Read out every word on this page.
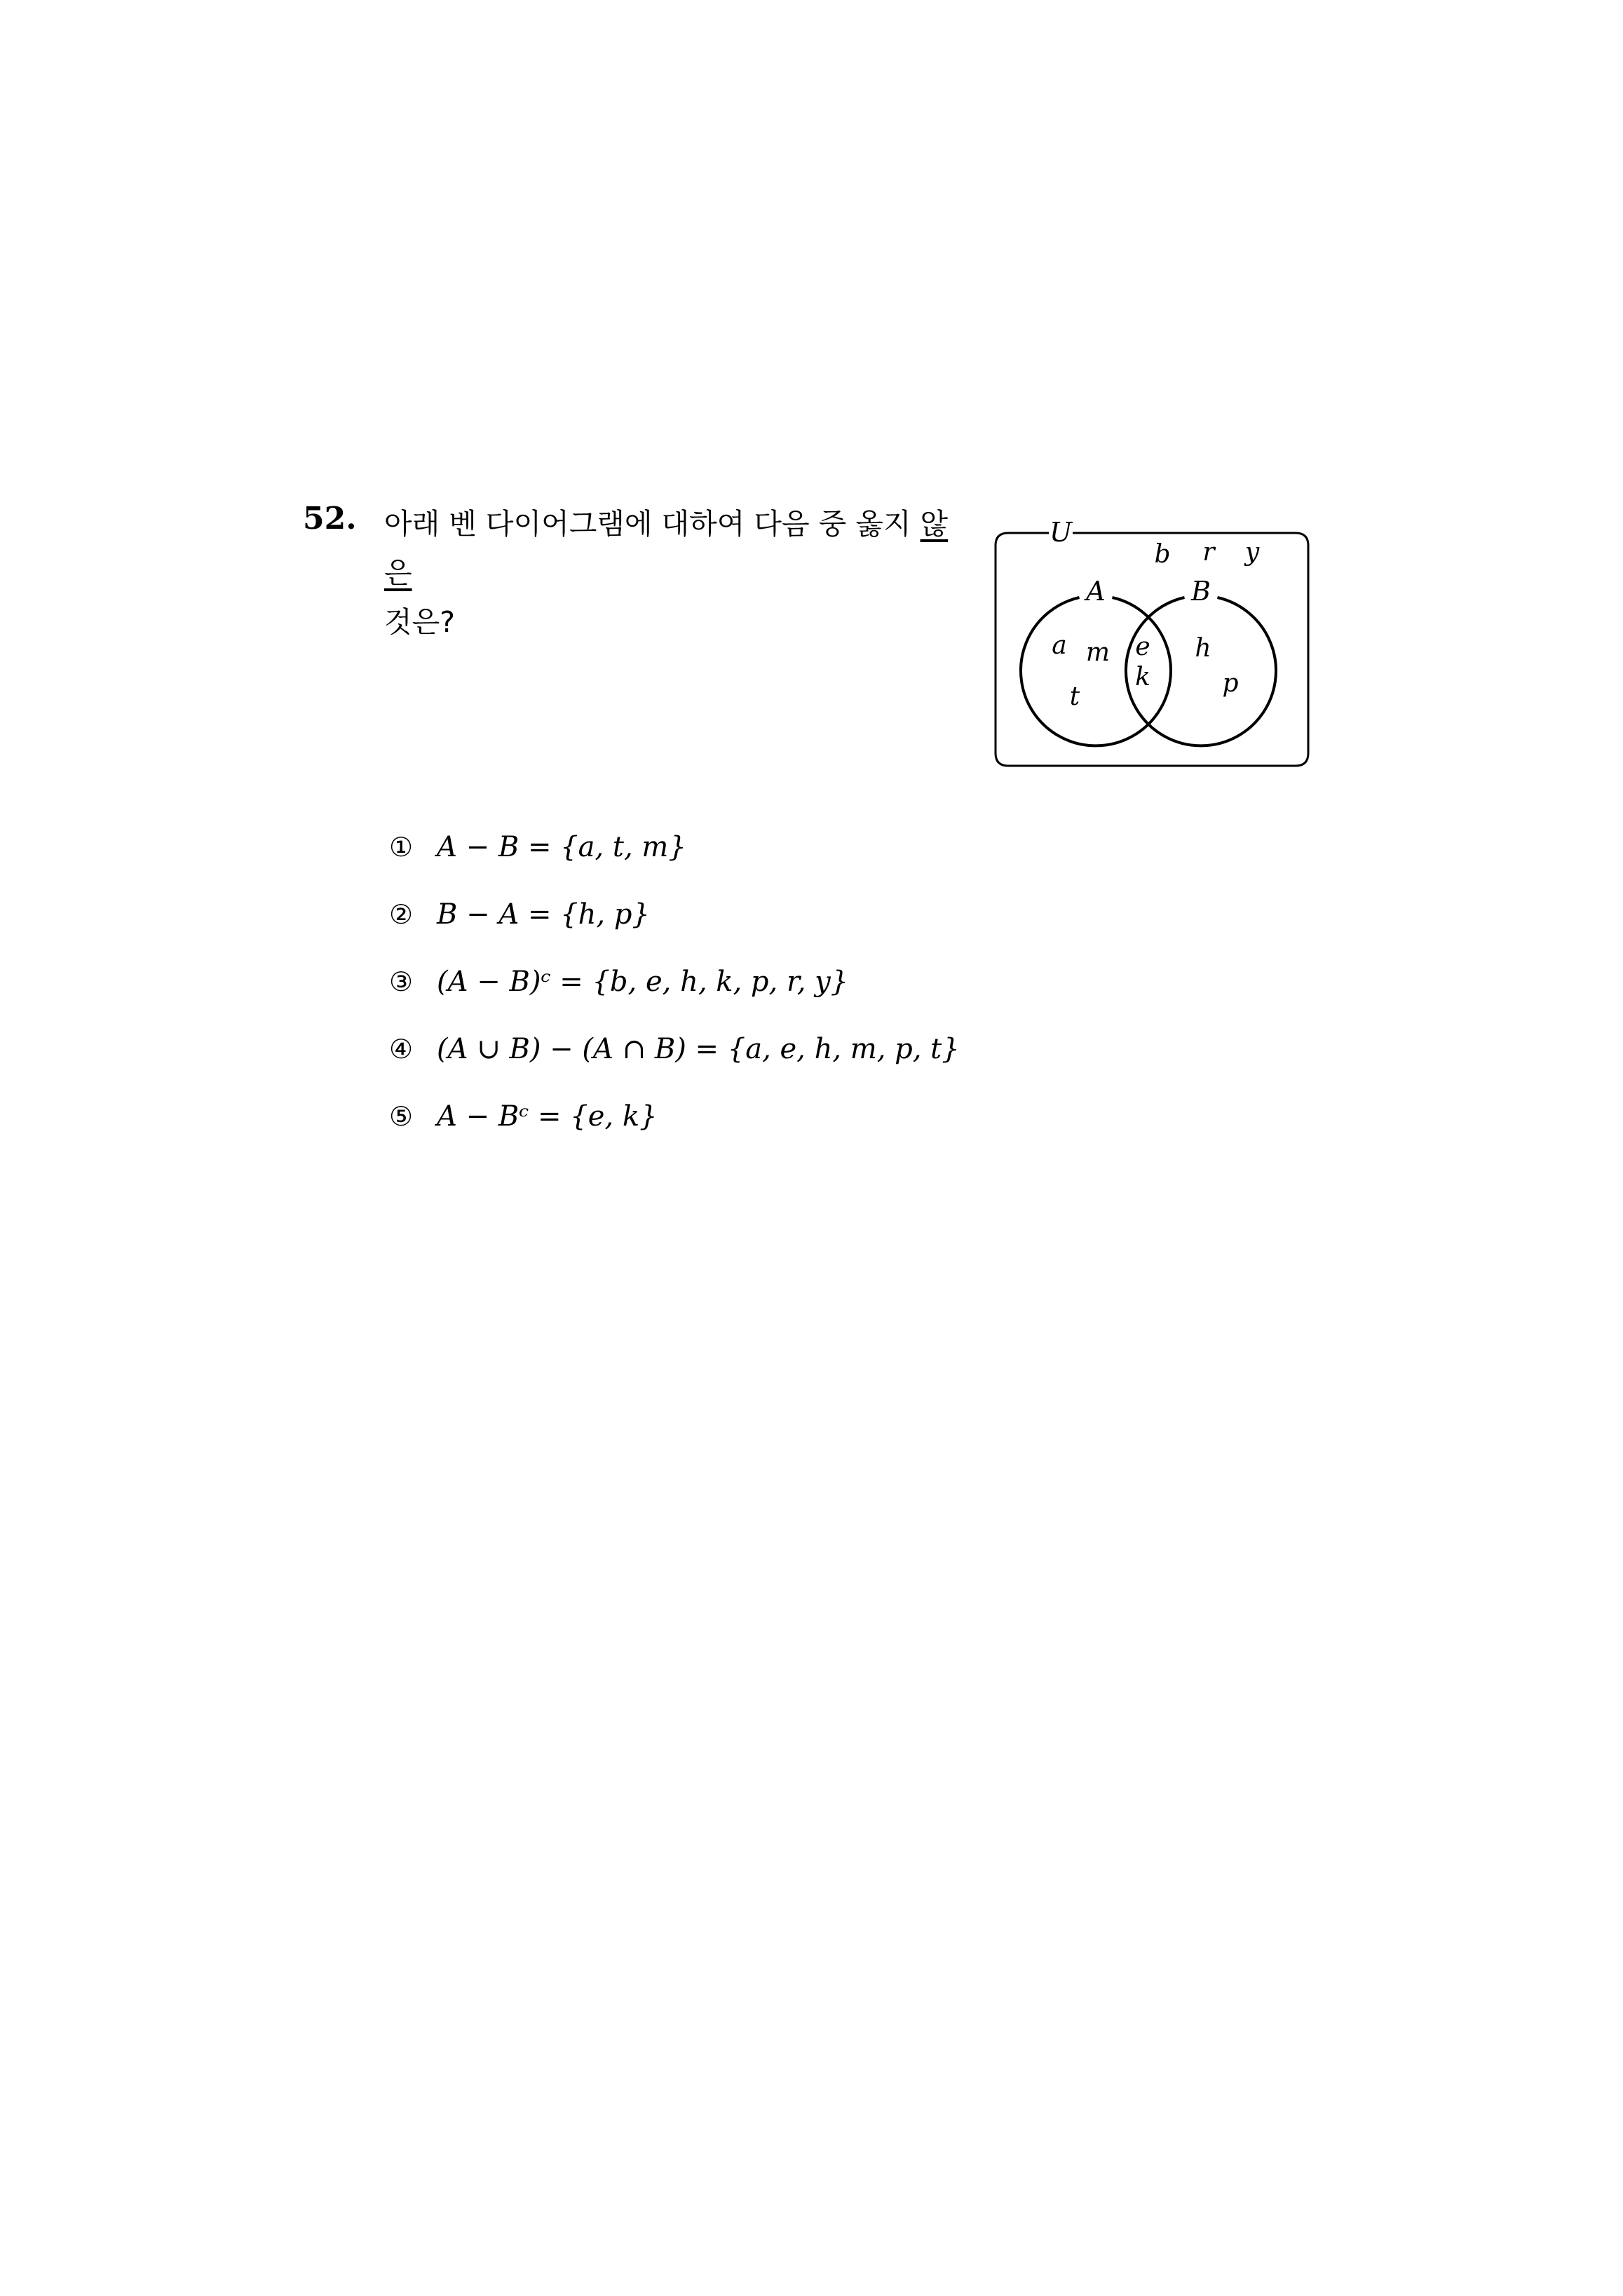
52. 아래 벤 다이어그램에 대하여 다음 중 옳지 않은
것은?
U
A	B
b r y
a m
t
e
k
h
p
① A − B = {a, t, m}
② B − A = {h, p}
③ (A − B)ᶜ = {b, e, h, k, p, r, y}
④ (A ∪ B) − (A ∩ B) = {a, e, h, m, p, t}
⑤ A − Bᶜ = {e, k}
